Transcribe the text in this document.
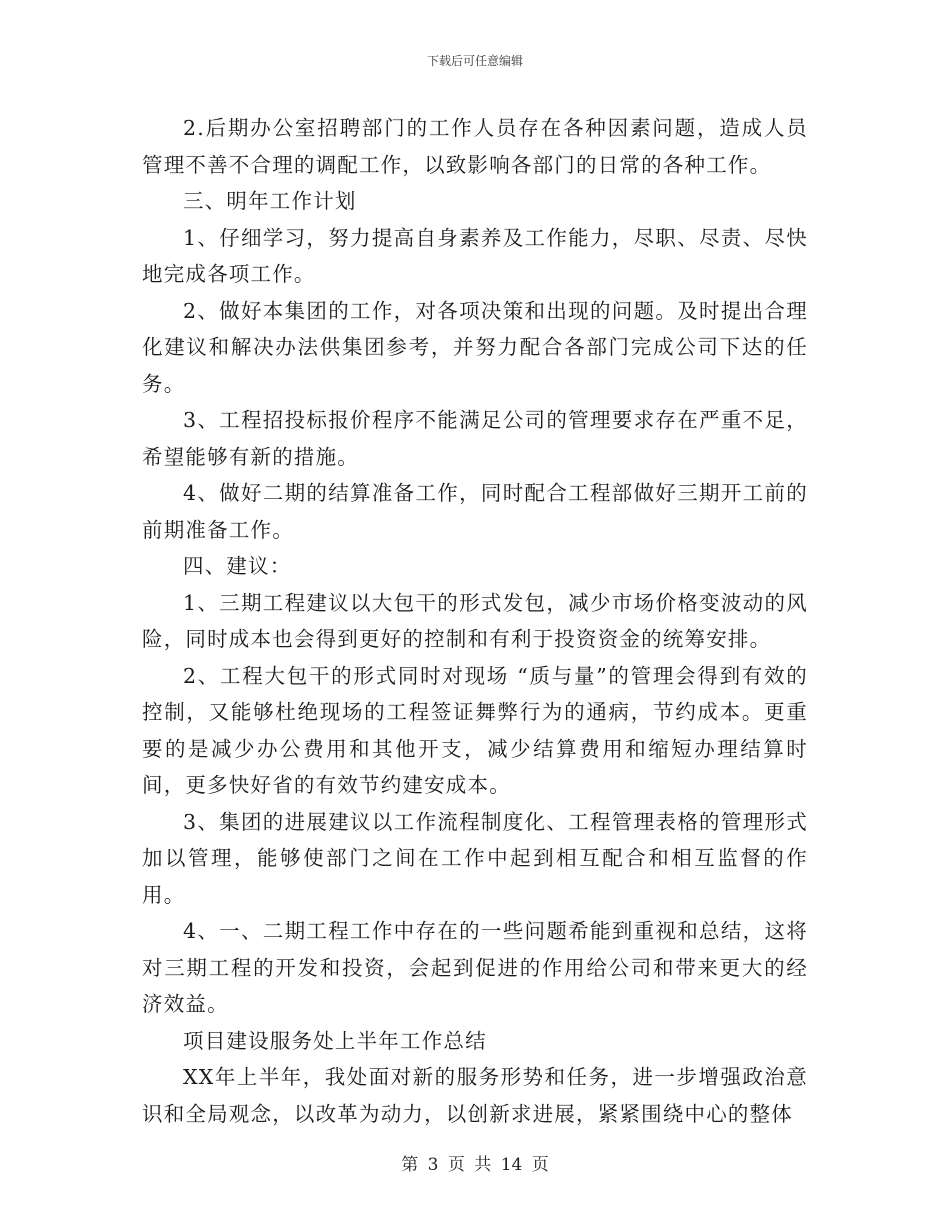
下载后可任意编辑

2.后期办公室招聘部门的工作人员存在各种因素问题，造成人员管理不善不合理的调配工作，以致影响各部门的日常的各种工作。

三、明年工作计划

1、仔细学习，努力提高自身素养及工作能力，尽职、尽责、尽快地完成各项工作。

2、做好本集团的工作，对各项决策和出现的问题。及时提出合理化建议和解决办法供集团参考，并努力配合各部门完成公司下达的任务。

3、工程招投标报价程序不能满足公司的管理要求存在严重不足，希望能够有新的措施。

4、做好二期的结算准备工作，同时配合工程部做好三期开工前的前期准备工作。

四、建议：

1、三期工程建议以大包干的形式发包，减少市场价格变波动的风险，同时成本也会得到更好的控制和有利于投资资金的统筹安排。

2、工程大包干的形式同时对现场 “质与量”的管理会得到有效的控制，又能够杜绝现场的工程签证舞弊行为的通病，节约成本。更重要的是减少办公费用和其他开支，减少结算费用和缩短办理结算时间，更多快好省的有效节约建安成本。

3、集团的进展建议以工作流程制度化、工程管理表格的管理形式加以管理，能够使部门之间在工作中起到相互配合和相互监督的作用。

4、一、二期工程工作中存在的一些问题希能到重视和总结，这将对三期工程的开发和投资，会起到促进的作用给公司和带来更大的经济效益。

项目建设服务处上半年工作总结

XX年上半年，我处面对新的服务形势和任务，进一步增强政治意识和全局观念，以改革为动力，以创新求进展，紧紧围绕中心的整体

第 3 页 共 14 页
